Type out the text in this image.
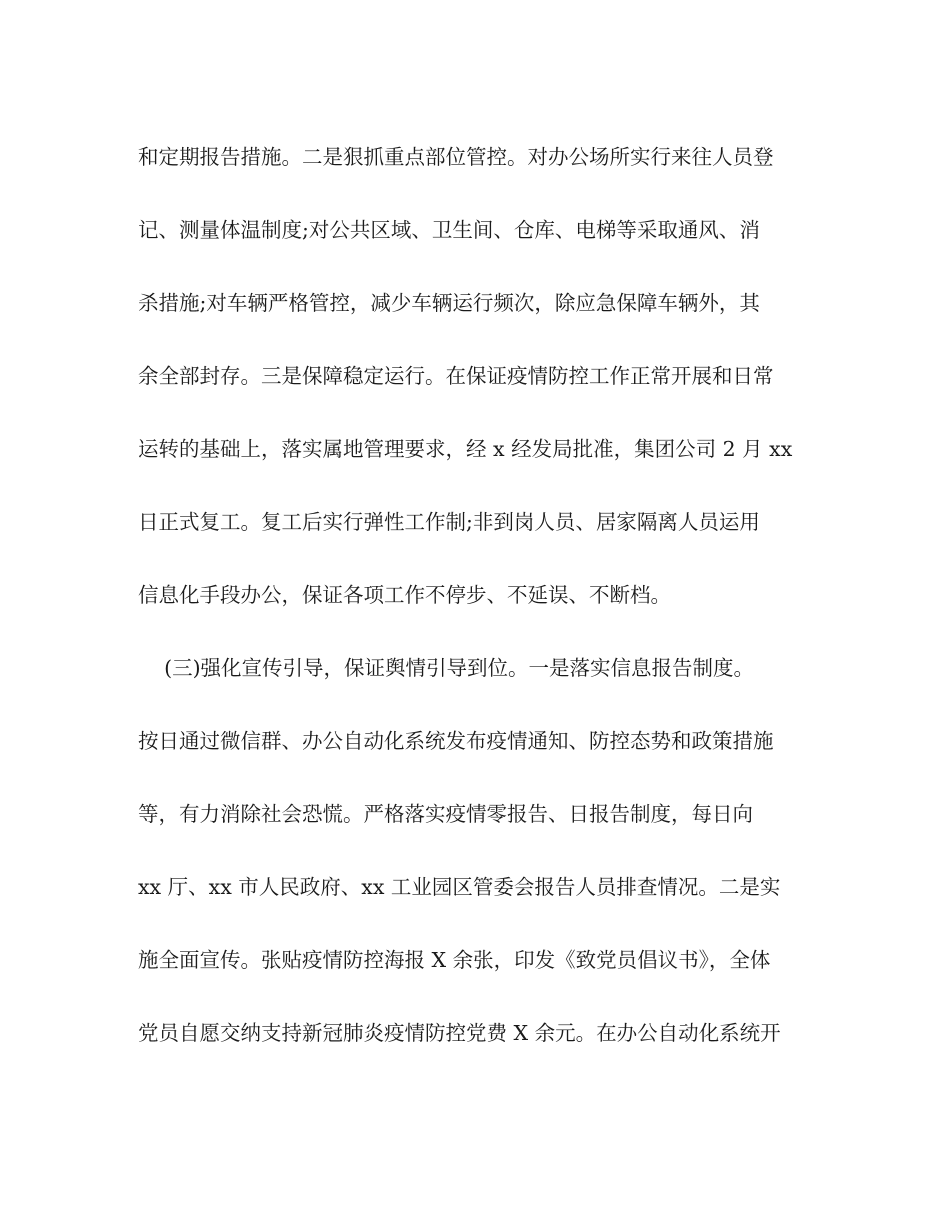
和定期报告措施。二是狠抓重点部位管控。对办公场所实行来往人员登
记、测量体温制度;对公共区域、卫生间、仓库、电梯等采取通风、消
杀措施;对车辆严格管控，减少车辆运行频次，除应急保障车辆外，其
余全部封存。三是保障稳定运行。在保证疫情防控工作正常开展和日常
运转的基础上，落实属地管理要求，经 x 经发局批准，集团公司 2 月 xx
日正式复工。复工后实行弹性工作制;非到岗人员、居家隔离人员运用
信息化手段办公，保证各项工作不停步、不延误、不断档。
(三)强化宣传引导，保证舆情引导到位。一是落实信息报告制度。
按日通过微信群、办公自动化系统发布疫情通知、防控态势和政策措施
等，有力消除社会恐慌。严格落实疫情零报告、日报告制度，每日向
xx 厅、xx 市人民政府、xx 工业园区管委会报告人员排查情况。二是实
施全面宣传。张贴疫情防控海报 X 余张，印发《致党员倡议书》，全体
党员自愿交纳支持新冠肺炎疫情防控党费 X 余元。在办公自动化系统开
